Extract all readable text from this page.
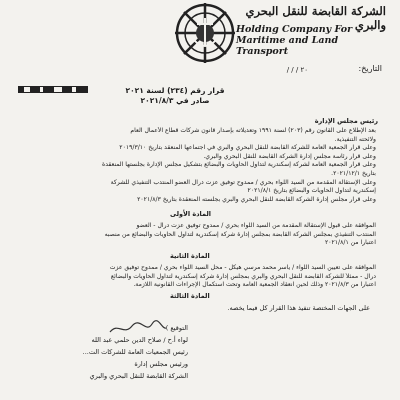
الشركة القابضة للنقل البحري والبري
Holding Company For
Maritime and Land Transport
التاريخ:
٢٠ / / /
قرار رقم (٢٣٤) لسنة ٢٠٢١
صادر في ٢٠٢١/٨/٣
رئيس مجلس الإدارة
بعد الإطلاع على القانون رقم (٢٠٣) لسنة ١٩٩١ وتعديلاته بإصدار قانون شركات قطاع الأعمال العام
ولائحته التنفيذية.
وعلى قرار الجمعية العامة للشركة القابضة للنقل البحري والبري في اجتماعها المنعقد بتاريخ ٢٠١٩/٣/١٠
وعلى قرار رئاسة مجلس إدارة الشركة القابضة للنقل البحري والبري.
وعلى قرار الجمعية العامة لشركة إسكندرية لتداول الحاويات والبضائع بتشكيل مجلس الإدارة بجلستها المنعقدة
بتاريخ ٢٠٢١/١٢/١.
وعلى الإستقالة المقدمة من السيد اللواء بحري / ممدوح توفيق عزت درال العضو المنتدب التنفيذي للشركة
إسكندرية لتداول الحاويات والبضائع بتاريخ ٢٠٢١/٨/١
وعلى قرار مجلس إدارة الشركة القابضة للنقل البحري والبري بجلسته المنعقدة بتاريخ ٢٠٢١/٨/٣
المادة الأولى
الموافقة على قبول الإستقالة المقدمة من السيد اللواء بحري / ممدوح توفيق عزت درال - العضو
المنتدب التنفيذي بمجلس الشركة القابضة بمجلس إدارة شركة إسكندرية لتداول الحاويات والبضائع من منصبه
اعتباراً من ٢٠٢١/٨/١
المادة الثانية
الموافقة على تعيين السيد اللواء / ياسر محمد مرسي هيكل - محل السيد اللواء بحري / ممدوح توفيق عزت
درال - ممثلاً للشركة القابضة للنقل البحري والبري بمجلس إدارة شركة إسكندرية لتداول الحاويات والبضائع
اعتباراً من ٢٠٢١/٨/٣ وذلك لحين انعقاد الجمعية العامة وتحت استكمال الإجراءات القانونية اللازمة.
المادة الثالثة
على الجهات المختصة تنفيذ هذا القرار كل فيما يخصه.
التوقيع )
لواء أ.ح / صلاح الدين حلمي عبد الله
رئيس الجمعيات العامة للشركات الت...
ورئيس مجلس إدارة
الشركة القابضة للنقل البحري والبري
